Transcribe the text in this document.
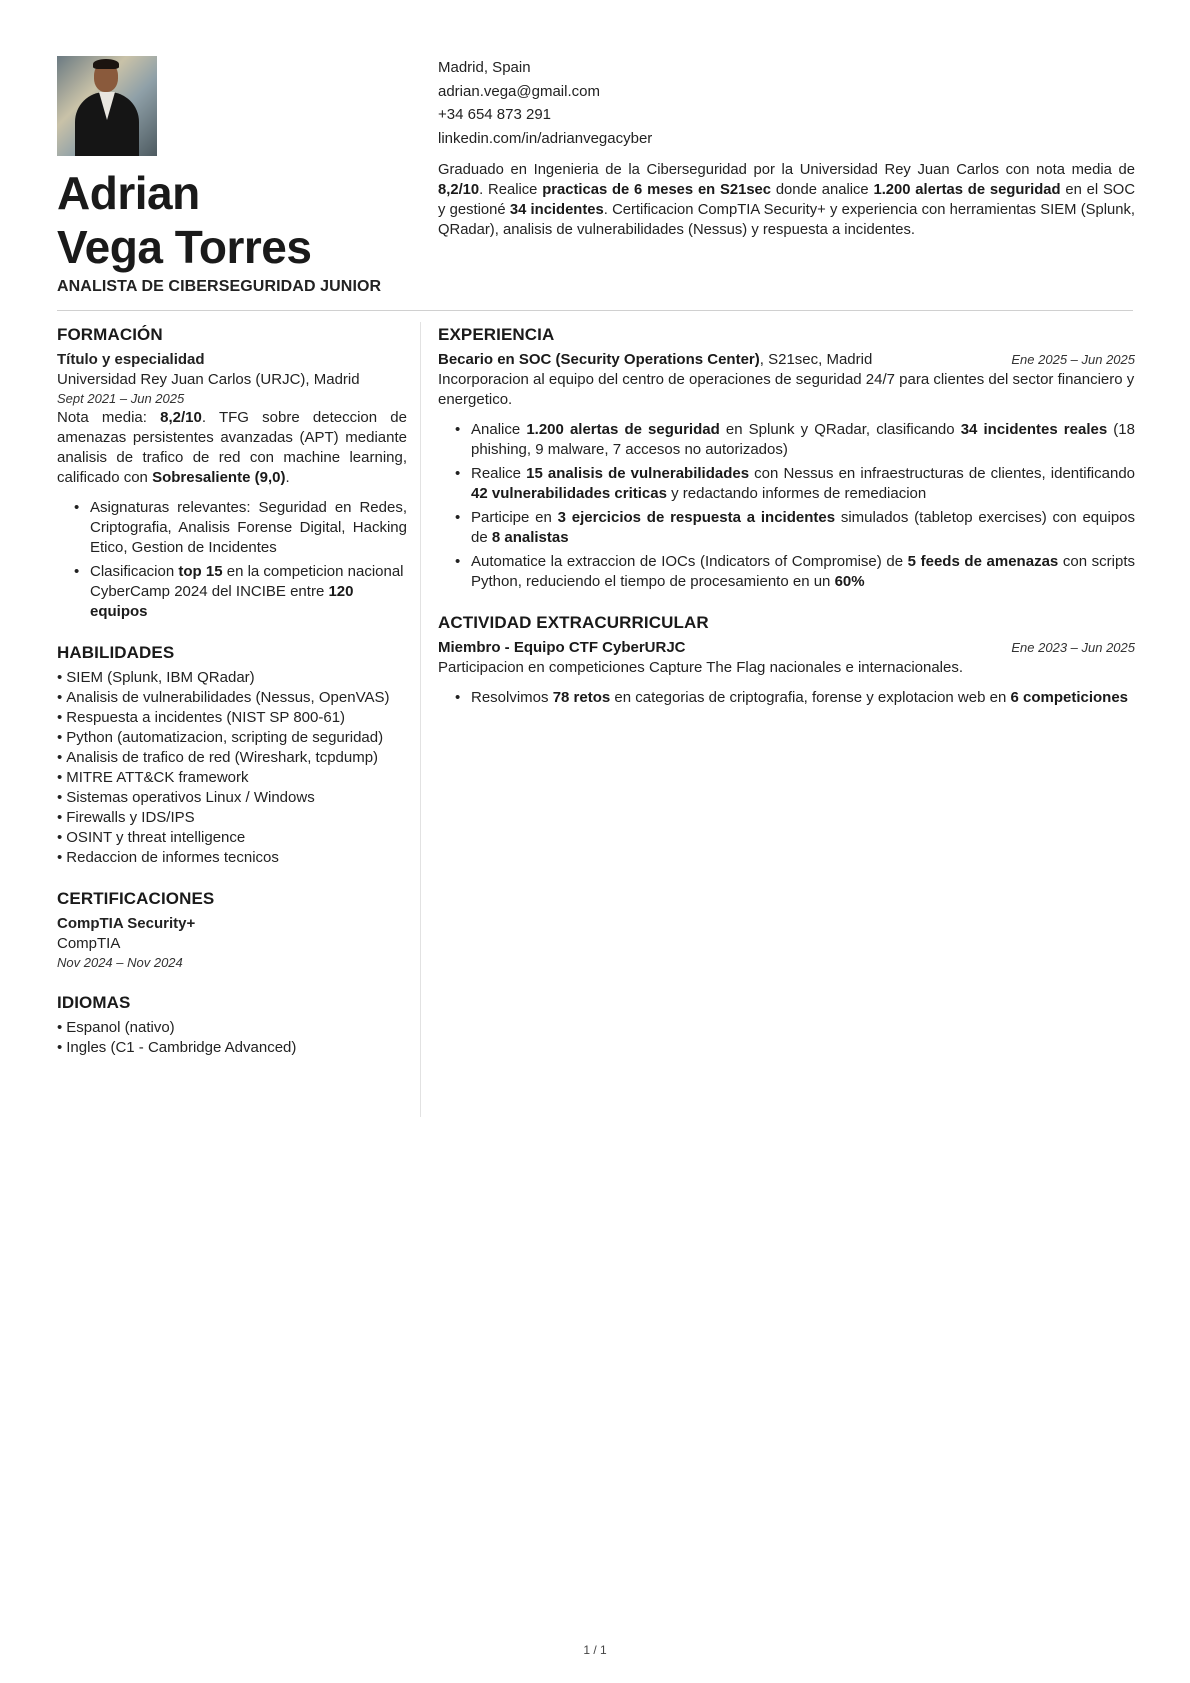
Adrian
Vega Torres
ANALISTA DE CIBERSEGURIDAD JUNIOR
Madrid, Spain
adrian.vega@gmail.com
+34 654 873 291
linkedin.com/in/adrianvegacyber
Graduado en Ingenieria de la Ciberseguridad por la Universidad Rey Juan Carlos con nota media de 8,2/10. Realice practicas de 6 meses en S21sec donde analice 1.200 alertas de seguridad en el SOC y gestioné 34 incidentes. Certificacion CompTIA Security+ y experiencia con herramientas SIEM (Splunk, QRadar), analisis de vulnerabilidades (Nessus) y respuesta a incidentes.
FORMACIÓN
Título y especialidad
Universidad Rey Juan Carlos (URJC), Madrid
Sept 2021 – Jun 2025
Nota media: 8,2/10. TFG sobre deteccion de amenazas persistentes avanzadas (APT) mediante analisis de trafico de red con machine learning, calificado con Sobresaliente (9,0).
• Asignaturas relevantes: Seguridad en Redes, Criptografia, Analisis Forense Digital, Hacking Etico, Gestion de Incidentes
• Clasificacion top 15 en la competicion nacional CyberCamp 2024 del INCIBE entre 120 equipos
HABILIDADES
• SIEM (Splunk, IBM QRadar)
• Analisis de vulnerabilidades (Nessus, OpenVAS)
• Respuesta a incidentes (NIST SP 800-61)
• Python (automatizacion, scripting de seguridad)
• Analisis de trafico de red (Wireshark, tcpdump)
• MITRE ATT&CK framework
• Sistemas operativos Linux / Windows
• Firewalls y IDS/IPS
• OSINT y threat intelligence
• Redaccion de informes tecnicos
CERTIFICACIONES
CompTIA Security+
CompTIA
Nov 2024 – Nov 2024
IDIOMAS
• Espanol (nativo)
• Ingles (C1 - Cambridge Advanced)
EXPERIENCIA
Becario en SOC (Security Operations Center), S21sec, Madrid	Ene 2025 – Jun 2025
Incorporacion al equipo del centro de operaciones de seguridad 24/7 para clientes del sector financiero y energetico.
• Analice 1.200 alertas de seguridad en Splunk y QRadar, clasificando 34 incidentes reales (18 phishing, 9 malware, 7 accesos no autorizados)
• Realice 15 analisis de vulnerabilidades con Nessus en infraestructuras de clientes, identificando 42 vulnerabilidades criticas y redactando informes de remediacion
• Participe en 3 ejercicios de respuesta a incidentes simulados (tabletop exercises) con equipos de 8 analistas
• Automatice la extraccion de IOCs (Indicators of Compromise) de 5 feeds de amenazas con scripts Python, reduciendo el tiempo de procesamiento en un 60%
ACTIVIDAD EXTRACURRICULAR
Miembro - Equipo CTF CyberURJC	Ene 2023 – Jun 2025
Participacion en competiciones Capture The Flag nacionales e internacionales.
• Resolvimos 78 retos en categorias de criptografia, forense y explotacion web en 6 competiciones
1 / 1
